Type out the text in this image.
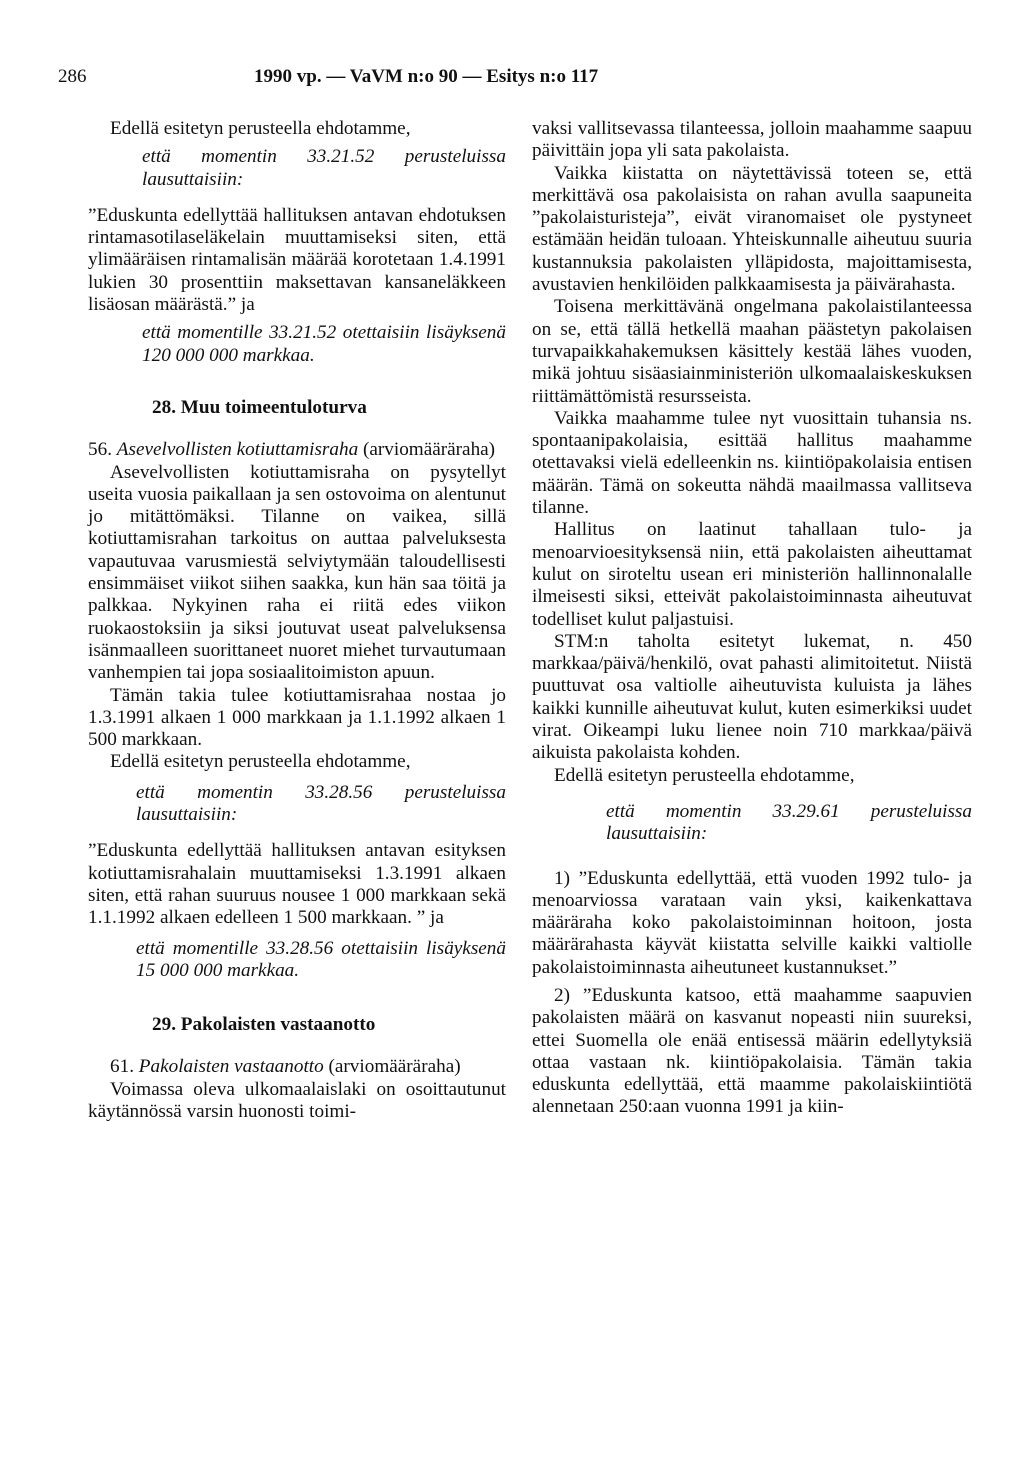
286	1990 vp. — VaVM n:o 90 — Esitys n:o 117

Edellä esitetyn perusteella ehdotamme,

että momentin 33.21.52 perusteluissa lausuttaisiin:

”Eduskunta edellyttää hallituksen antavan ehdotuksen rintamasotilaseläkelain muuttamiseksi siten, että ylimääräisen rintamalisän määrää korotetaan 1.4.1991 lukien 30 prosenttiin maksettavan kansaneläkkeen lisäosan määrästä.” ja

että momentille 33.21.52 otettaisiin lisäyksenä 120 000 000 markkaa.

28. Muu toimeentuloturva

56. Asevelvollisten kotiuttamisraha (arviomääräraha)

Asevelvollisten kotiuttamisraha on pysytellyt useita vuosia paikallaan ja sen ostovoima on alentunut jo mitättömäksi. Tilanne on vaikea, sillä kotiuttamisrahan tarkoitus on auttaa palveluksesta vapautuvaa varusmiestä selviytymään taloudellisesti ensimmäiset viikot siihen saakka, kun hän saa töitä ja palkkaa. Nykyinen raha ei riitä edes viikon ruokaostoksiin ja siksi joutuvat useat palveluksensa isänmaalleen suorittaneet nuoret miehet turvautumaan vanhempien tai jopa sosiaalitoimiston apuun.

Tämän takia tulee kotiuttamisrahaa nostaa jo 1.3.1991 alkaen 1 000 markkaan ja 1.1.1992 alkaen 1 500 markkaan.

Edellä esitetyn perusteella ehdotamme,

että momentin 33.28.56 perusteluissa lausuttaisiin:

”Eduskunta edellyttää hallituksen antavan esityksen kotiuttamisrahalain muuttamiseksi 1.3.1991 alkaen siten, että rahan suuruus nousee 1 000 markkaan sekä 1.1.1992 alkaen edelleen 1 500 markkaan. ” ja

että momentille 33.28.56 otettaisiin lisäyksenä 15 000 000 markkaa.

29. Pakolaisten vastaanotto

61. Pakolaisten vastaanotto (arviomääräraha)

Voimassa oleva ulkomaalaislaki on osoittautunut käytännössä varsin huonosti toimi-

vaksi vallitsevassa tilanteessa, jolloin maahamme saapuu päivittäin jopa yli sata pakolaista.

Vaikka kiistatta on näytettävissä toteen se, että merkittävä osa pakolaisista on rahan avulla saapuneita ”pakolaisturisteja”, eivät viranomaiset ole pystyneet estämään heidän tuloaan. Yhteiskunnalle aiheutuu suuria kustannuksia pakolaisten ylläpidosta, majoittamisesta, avustavien henkilöiden palkkaamisesta ja päivärahasta.

Toisena merkittävänä ongelmana pakolaistilanteessa on se, että tällä hetkellä maahan päästetyn pakolaisen turvapaikkahakemuksen käsittely kestää lähes vuoden, mikä johtuu sisäasiainministeriön ulkomaalaiskeskuksen riittämättömistä resursseista.

Vaikka maahamme tulee nyt vuosittain tuhansia ns. spontaanipakolaisia, esittää hallitus maahamme otettavaksi vielä edelleenkin ns. kiintiöpakolaisia entisen määrän. Tämä on sokeutta nähdä maailmassa vallitseva tilanne.

Hallitus on laatinut tahallaan tulo- ja menoarvioesityksensä niin, että pakolaisten aiheuttamat kulut on siroteltu usean eri ministeriön hallinnonalalle ilmeisesti siksi, etteivät pakolaistoiminnasta aiheutuvat todelliset kulut paljastuisi.

STM:n taholta esitetyt lukemat, n. 450 markkaa/päivä/henkilö, ovat pahasti alimitoitetut. Niistä puuttuvat osa valtiolle aiheutuvista kuluista ja lähes kaikki kunnille aiheutuvat kulut, kuten esimerkiksi uudet virat. Oikeampi luku lienee noin 710 markkaa/päivä aikuista pakolaista kohden.

Edellä esitetyn perusteella ehdotamme,

että momentin 33.29.61 perusteluissa lausuttaisiin:

1) ”Eduskunta edellyttää, että vuoden 1992 tulo- ja menoarviossa varataan vain yksi, kaikenkattava määräraha koko pakolaistoiminnan hoitoon, josta määrärahasta käyvät kiistatta selville kaikki valtiolle pakolaistoiminnasta aiheutuneet kustannukset.”

2) ”Eduskunta katsoo, että maahamme saapuvien pakolaisten määrä on kasvanut nopeasti niin suureksi, ettei Suomella ole enää entisessä määrin edellytyksiä ottaa vastaan nk. kiintiöpakolaisia. Tämän takia eduskunta edellyttää, että maamme pakolaiskiintiötä alennetaan 250:aan vuonna 1991 ja kiin-
